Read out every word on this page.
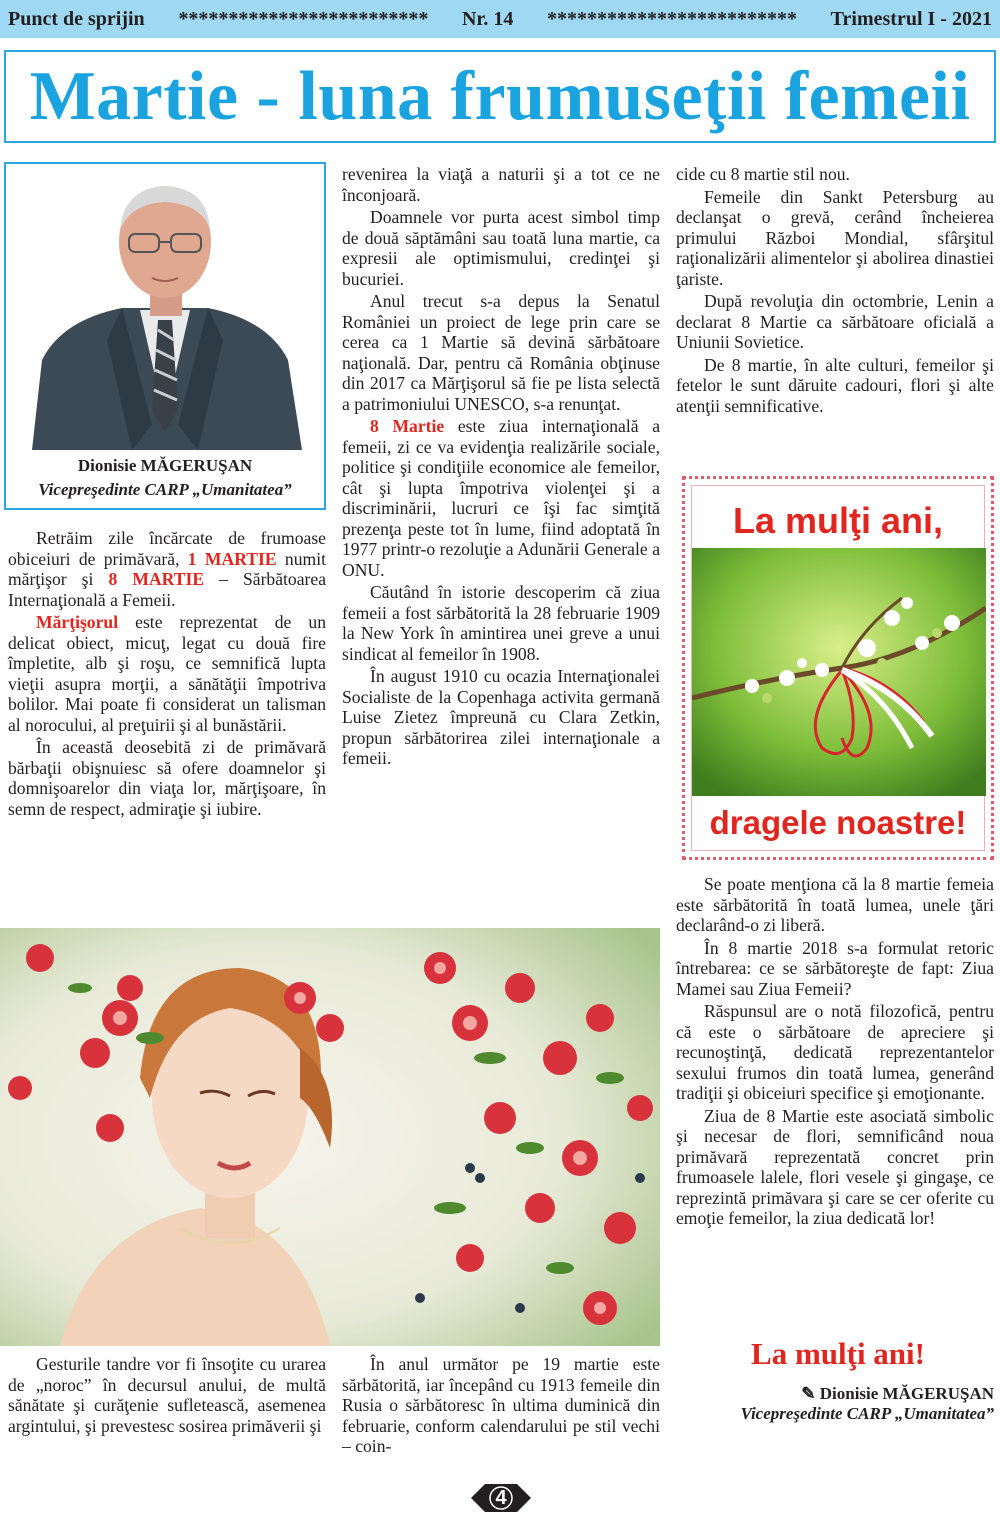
Punct de sprijin ************************* Nr. 14 ************************* Trimestrul I - 2021
Martie - luna frumuseţii femeii
Dionisie MĂGERUŞAN
Vicepreşedinte CARP „Umanitatea”

Retrăim zile încărcate de frumoase obiceiuri de primăvară, 1 MARTIE numit mărţişor şi 8 MARTIE – Sărbătoarea Internaţională a Femeii.

Mărţişorul este reprezentat de un delicat obiect, micuţ, legat cu două fire împletite, alb şi roşu, ce semnifică lupta vieţii asupra morţii, a sănătăţii împotriva bolilor. Mai poate fi considerat un talisman al norocului, al preţuirii şi al bunăstării.

În această deosebită zi de primăvară bărbaţii obişnuiesc să ofere doamnelor şi domnişoarelor din viaţa lor, mărţişoare, în semn de respect, admiraţie şi iubire.

revenirea la viaţă a naturii şi a tot ce ne înconjoară.

Doamnele vor purta acest simbol timp de două săptămâni sau toată luna martie, ca expresii ale optimismului, credinţei şi bucuriei.

Anul trecut s-a depus la Senatul României un proiect de lege prin care se cerea ca 1 Martie să devină sărbătoare naţională. Dar, pentru că România obţinuse din 2017 ca Mărţişorul să fie pe lista selectă a patrimoniului UNESCO, s-a renunţat.

8 Martie este ziua internaţională a femeii, zi ce va evidenţia realizările sociale, politice şi condiţiile economice ale femeilor, cât şi lupta împotriva violenţei şi a discriminării, lucruri ce îşi fac simţită prezenţa peste tot în lume, fiind adoptată în 1977 printr-o rezoluţie a Adunării Generale a ONU.

Căutând în istorie descoperim că ziua femeii a fost sărbătorită la 28 februarie 1909 la New York în amintirea unei greve a unui sindicat al femeilor în 1908.

În august 1910 cu ocazia Internaţionalei Socialiste de la Copenhaga activita germană Luise Zietez împreună cu Clara Zetkin, propun sărbătorirea zilei internaţionale a femeii.

cide cu 8 martie stil nou.

Femeile din Sankt Petersburg au declanşat o grevă, cerând încheierea primului Război Mondial, sfârşitul raţionalizării alimentelor şi abolirea dinastiei ţariste.

După revoluţia din octombrie, Lenin a declarat 8 Martie ca sărbătoare oficială a Uniunii Sovietice.

De 8 martie, în alte culturi, femeilor şi fetelor le sunt dăruite cadouri, flori şi alte atenţii semnificative.

La mulţi ani,
dragele noastre!

Se poate menţiona că la 8 martie femeia este sărbătorită în toată lumea, unele ţări declarând-o zi liberă.

În 8 martie 2018 s-a formulat retoric întrebarea: ce se sărbătoreşte de fapt: Ziua Mamei sau Ziua Femeii?

Răspunsul are o notă filozofică, pentru că este o sărbătoare de apreciere şi recunoştinţă, dedicată reprezentantelor sexului frumos din toată lumea, generând tradiţii şi obiceiuri specifice şi emoţionante.

Ziua de 8 Martie este asociată simbolic şi necesar de flori, semnificând noua primăvară reprezentată concret prin frumoasele lalele, flori vesele şi gingaşe, ce reprezintă primăvara şi care se cer oferite cu emoţie femeilor, la ziua dedicată lor!

La mulţi ani!
✎ Dionisie MĂGERUŞAN
Vicepreşedinte CARP „Umanitatea”

Gesturile tandre vor fi însoţite cu urarea de „noroc” în decursul anului, de multă sănătate şi curăţenie sufletească, asemenea argintului, şi prevestesc sosirea primăverii şi

În anul următor pe 19 martie este sărbătorită, iar începând cu 1913 femeile din Rusia o sărbătoresc în ultima duminică din februarie, conform calendarului pe stil vechi – coin-

4
